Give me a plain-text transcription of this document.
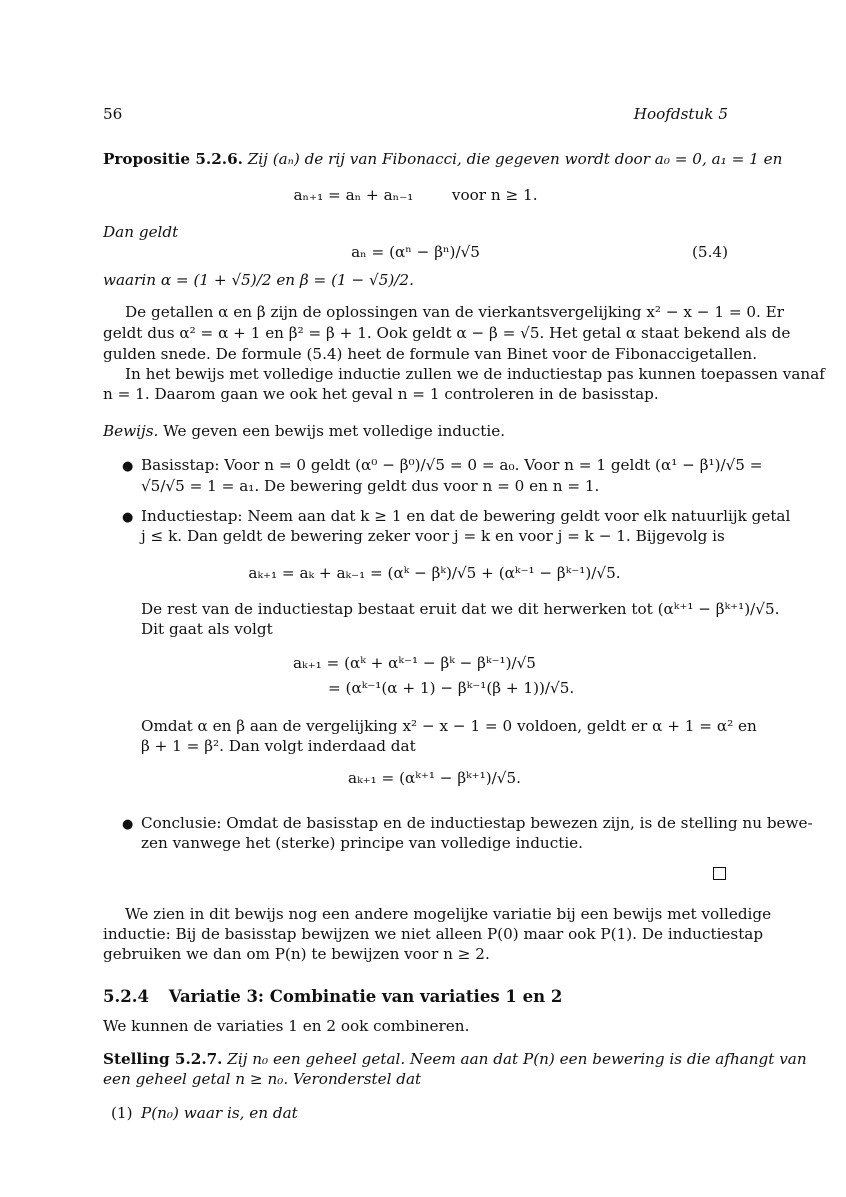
56	Hoofdstuk 5
Propositie 5.2.6. Zij (aₙ) de rij van Fibonacci, die gegeven wordt door a₀ = 0, a₁ = 1 en
aₙ₊₁ = aₙ + aₙ₋₁        voor n ≥ 1.
Dan geldt
aₙ = (αⁿ − βⁿ)/√5	(5.4)
waarin α = (1 + √5)/2 en β = (1 − √5)/2.
De getallen α en β zijn de oplossingen van de vierkantsvergelijking x² − x − 1 = 0. Er
geldt dus α² = α + 1 en β² = β + 1. Ook geldt α − β = √5. Het getal α staat bekend als de
gulden snede. De formule (5.4) heet de formule van Binet voor de Fibonaccigetallen.
In het bewijs met volledige inductie zullen we de inductiestap pas kunnen toepassen vanaf
n = 1. Daarom gaan we ook het geval n = 1 controleren in de basisstap.
Bewijs. We geven een bewijs met volledige inductie.
● Basisstap: Voor n = 0 geldt (α⁰ − β⁰)/√5 = 0 = a₀. Voor n = 1 geldt (α¹ − β¹)/√5 =
√5/√5 = 1 = a₁. De bewering geldt dus voor n = 0 en n = 1.
● Inductiestap: Neem aan dat k ≥ 1 en dat de bewering geldt voor elk natuurlijk getal
j ≤ k. Dan geldt de bewering zeker voor j = k en voor j = k − 1. Bijgevolg is
aₖ₊₁ = aₖ + aₖ₋₁ = (αᵏ − βᵏ)/√5 + (αᵏ⁻¹ − βᵏ⁻¹)/√5.
De rest van de inductiestap bestaat eruit dat we dit herwerken tot (αᵏ⁺¹ − βᵏ⁺¹)/√5.
Dit gaat als volgt
aₖ₊₁ = (αᵏ + αᵏ⁻¹ − βᵏ − βᵏ⁻¹)/√5
= (αᵏ⁻¹(α + 1) − βᵏ⁻¹(β + 1))/√5.
Omdat α en β aan de vergelijking x² − x − 1 = 0 voldoen, geldt er α + 1 = α² en
β + 1 = β². Dan volgt inderdaad dat
aₖ₊₁ = (αᵏ⁺¹ − βᵏ⁺¹)/√5.
● Conclusie: Omdat de basisstap en de inductiestap bewezen zijn, is de stelling nu bewe-
zen vanwege het (sterke) principe van volledige inductie.
We zien in dit bewijs nog een andere mogelijke variatie bij een bewijs met volledige
inductie: Bij de basisstap bewijzen we niet alleen P(0) maar ook P(1). De inductiestap
gebruiken we dan om P(n) te bewijzen voor n ≥ 2.
5.2.4 Variatie 3: Combinatie van variaties 1 en 2
We kunnen de variaties 1 en 2 ook combineren.
Stelling 5.2.7. Zij n₀ een geheel getal. Neem aan dat P(n) een bewering is die afhangt van
een geheel getal n ≥ n₀. Veronderstel dat
(1) P(n₀) waar is, en dat
